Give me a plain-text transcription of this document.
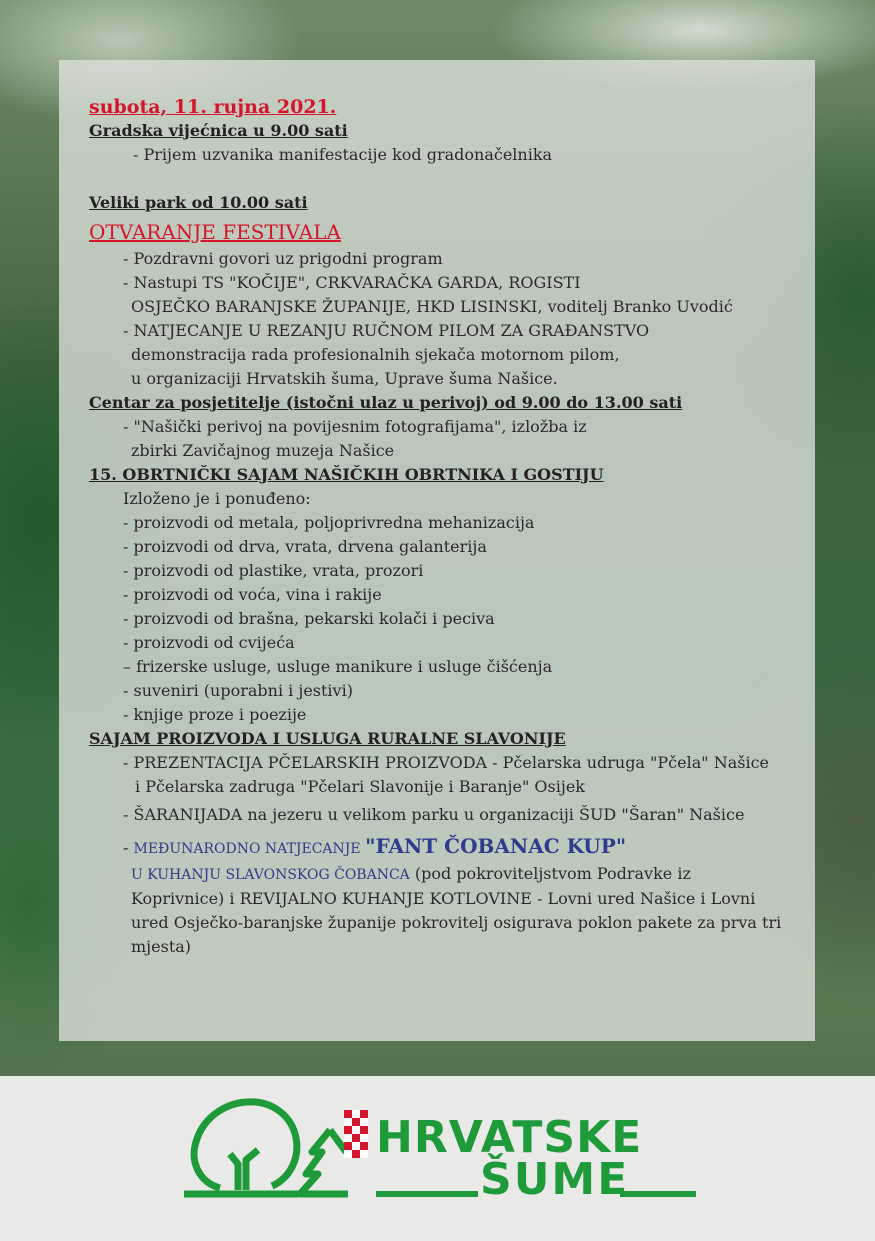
subota, 11. rujna 2021.
Gradska vijećnica u 9.00 sati
- Prijem uzvanika manifestacije kod gradonačelnika
Veliki park od 10.00 sati
OTVARANJE FESTIVALA
- Pozdravni govori uz prigodni program
- Nastupi TS "KOČIJE", CRKVARAČKA GARDA, ROGISTI
OSJEČKO BARANJSKE ŽUPANIJE, HKD LISINSKI, voditelj Branko Uvodić
- NATJECANJE U REZANJU RUČNOM PILOM ZA GRAĐANSTVO
demonstracija rada profesionalnih sjekača motornom pilom,
u organizaciji Hrvatskih šuma, Uprave šuma Našice.
Centar za posjetitelje (istočni ulaz u perivoj) od 9.00 do 13.00 sati
- "Našički perivoj na povijesnim fotografijama", izložba iz
zbirki Zavičajnog muzeja Našice
15. OBRTNIČKI SAJAM NAŠIČKIH OBRTNIKA I GOSTIJU
Izloženo je i ponuđeno:
- proizvodi od metala, poljoprivredna mehanizacija
- proizvodi od drva, vrata, drvena galanterija
- proizvodi od plastike, vrata, prozori
- proizvodi od voća, vina i rakije
- proizvodi od brašna, pekarski kolači i peciva
- proizvodi od cvijeća
– frizerske usluge, usluge manikure i usluge čišćenja
- suveniri (uporabni i jestivi)
- knjige proze i poezije
SAJAM PROIZVODA I USLUGA RURALNE SLAVONIJE
- PREZENTACIJA PČELARSKIH PROIZVODA - Pčelarska udruga "Pčela" Našice
i Pčelarska zadruga "Pčelari Slavonije i Baranje" Osijek
- ŠARANIJADA na jezeru u velikom parku u organizaciji ŠUD "Šaran" Našice
- MEĐUNARODNO NATJECANJE "FANT ČOBANAC KUP"
U KUHANJU SLAVONSKOG ČOBANCA (pod pokroviteljstvom Podravke iz
Koprivnice) i REVIJALNO KUHANJE KOTLOVINE - Lovni ured Našice i Lovni
ured Osječko-baranjske županije pokrovitelj osigurava poklon pakete za prva tri
mjesta)
HRVATSKE
ŠUME
